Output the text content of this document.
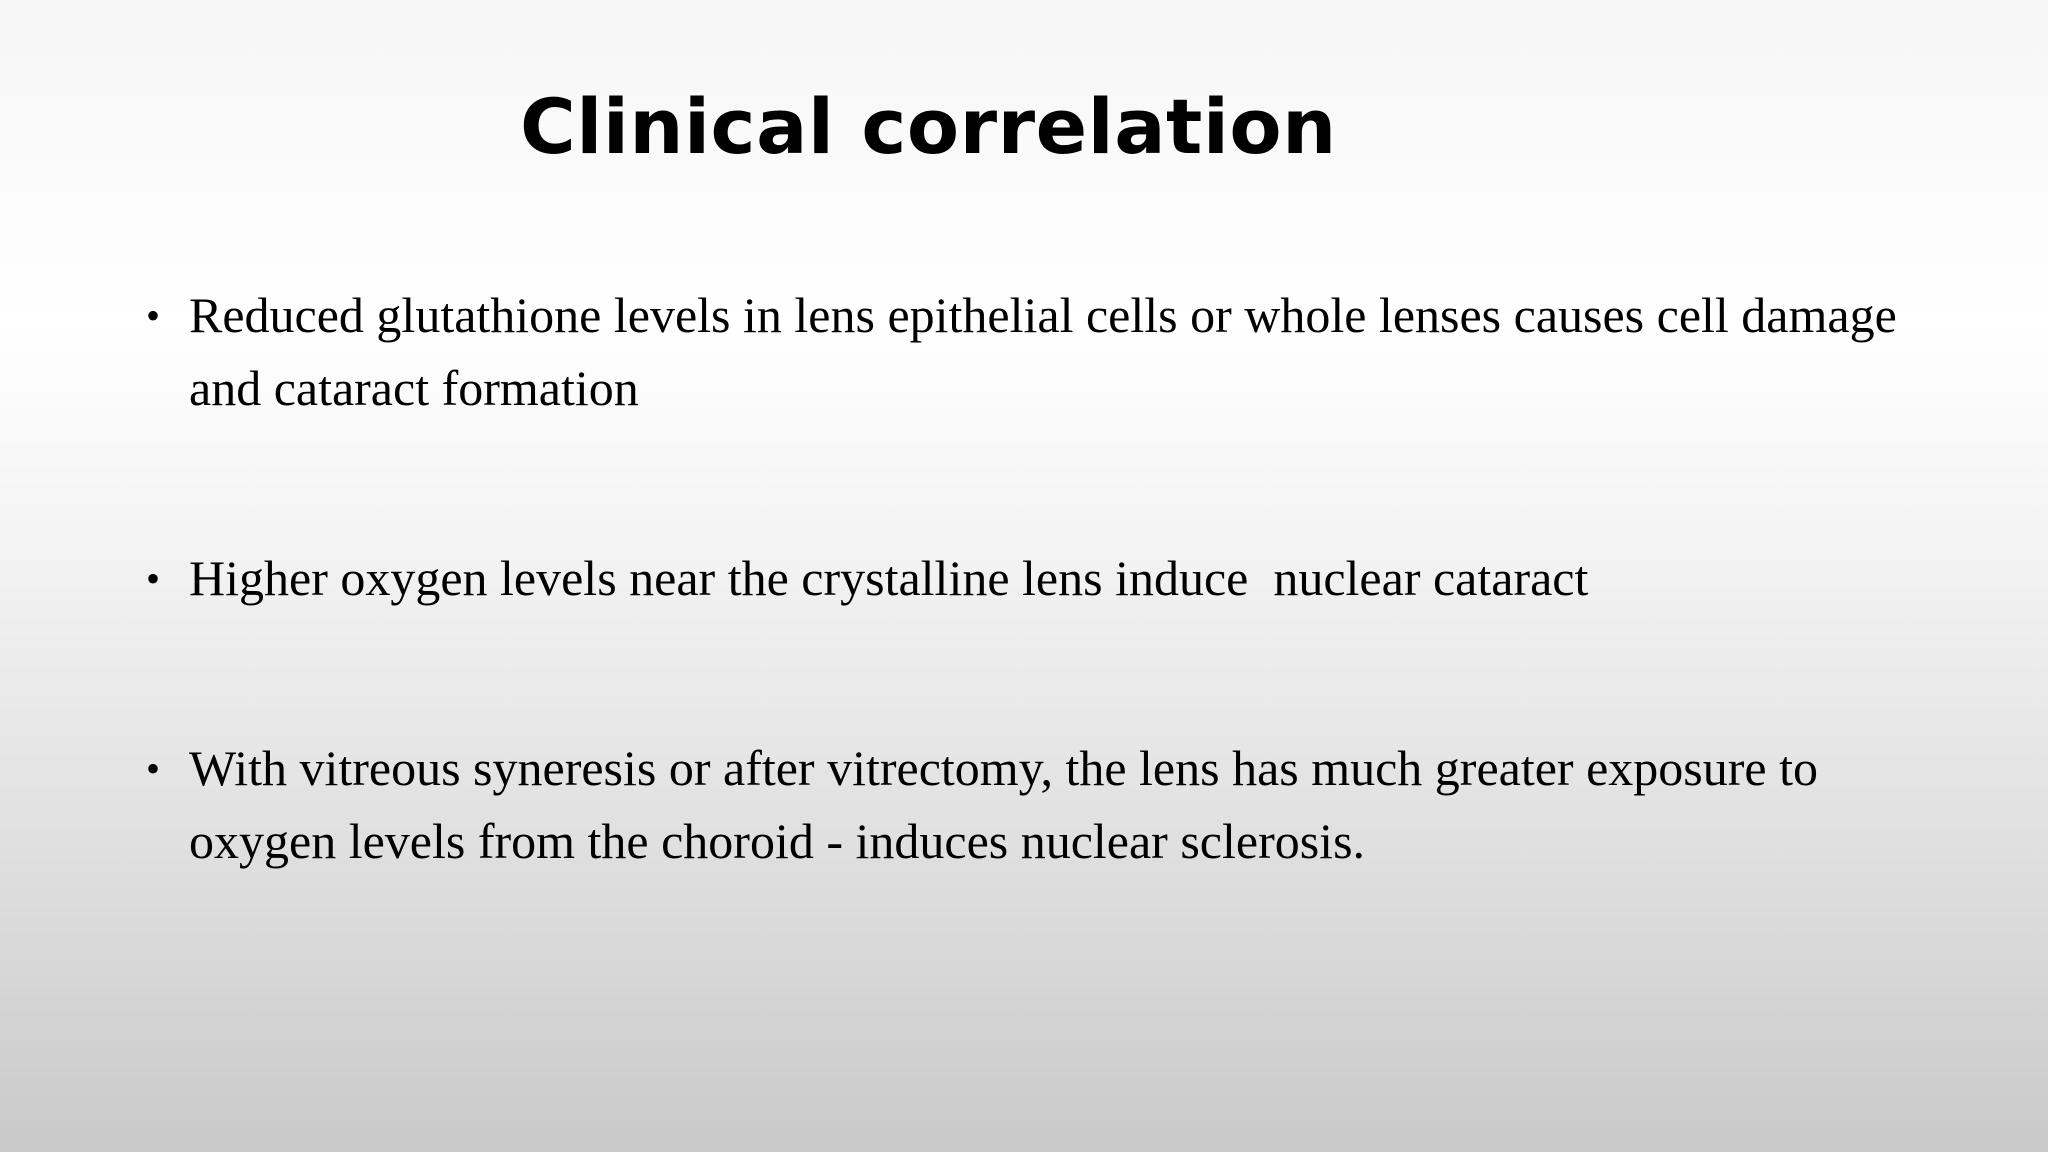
Clinical correlation
• Reduced glutathione levels in lens epithelial cells or whole lenses causes cell damage and cataract formation
• Higher oxygen levels near the crystalline lens induce  nuclear cataract
• With vitreous syneresis or after vitrectomy, the lens has much greater exposure to oxygen levels from the choroid - induces nuclear sclerosis.
